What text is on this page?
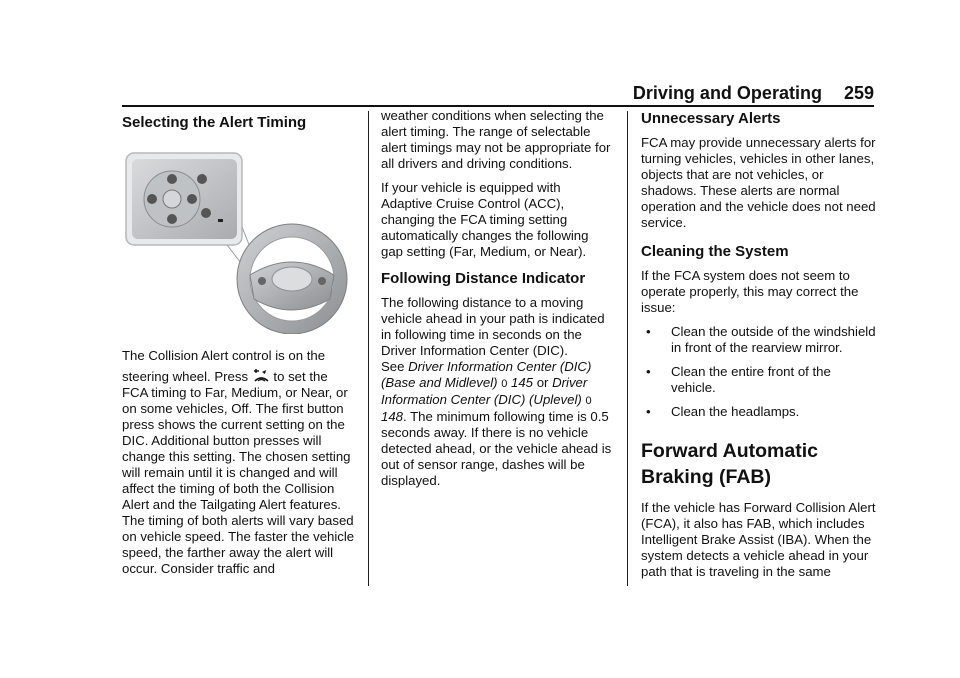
Driving and Operating 259
Selecting the Alert Timing

The Collision Alert control is on the

steering wheel. Press to set the

FCA timing to Far, Medium, or Near, or on some vehicles, Off. The first button press shows the current setting on the DIC. Additional button presses will change this setting. The chosen setting will remain until it is changed and will affect the timing of both the Collision Alert and the Tailgating Alert features. The timing of both alerts will vary based on vehicle speed. The faster the vehicle speed, the farther away the alert will occur. Consider traffic and

weather conditions when selecting the alert timing. The range of selectable alert timings may not be appropriate for all drivers and driving conditions.

If your vehicle is equipped with Adaptive Cruise Control (ACC), changing the FCA timing setting automatically changes the following gap setting (Far, Medium, or Near).

Following Distance Indicator

The following distance to a moving vehicle ahead in your path is indicated in following time in seconds on the Driver Information Center (DIC).

See Driver Information Center (DIC) (Base and Midlevel) 0 145 or Driver Information Center (DIC) (Uplevel) 0 148. The minimum following time is 0.5 seconds away. If there is no vehicle detected ahead, or the vehicle ahead is out of sensor range, dashes will be displayed.

Unnecessary Alerts

FCA may provide unnecessary alerts for turning vehicles, vehicles in other lanes, objects that are not vehicles, or shadows. These alerts are normal operation and the vehicle does not need service.

Cleaning the System

If the FCA system does not seem to operate properly, this may correct the issue:

• Clean the outside of the windshield in front of the rearview mirror.
• Clean the entire front of the vehicle.
• Clean the headlamps.
Forward Automatic Braking (FAB)

If the vehicle has Forward Collision Alert (FCA), it also has FAB, which includes Intelligent Brake Assist (IBA). When the system detects a vehicle ahead in your path that is traveling in the same
